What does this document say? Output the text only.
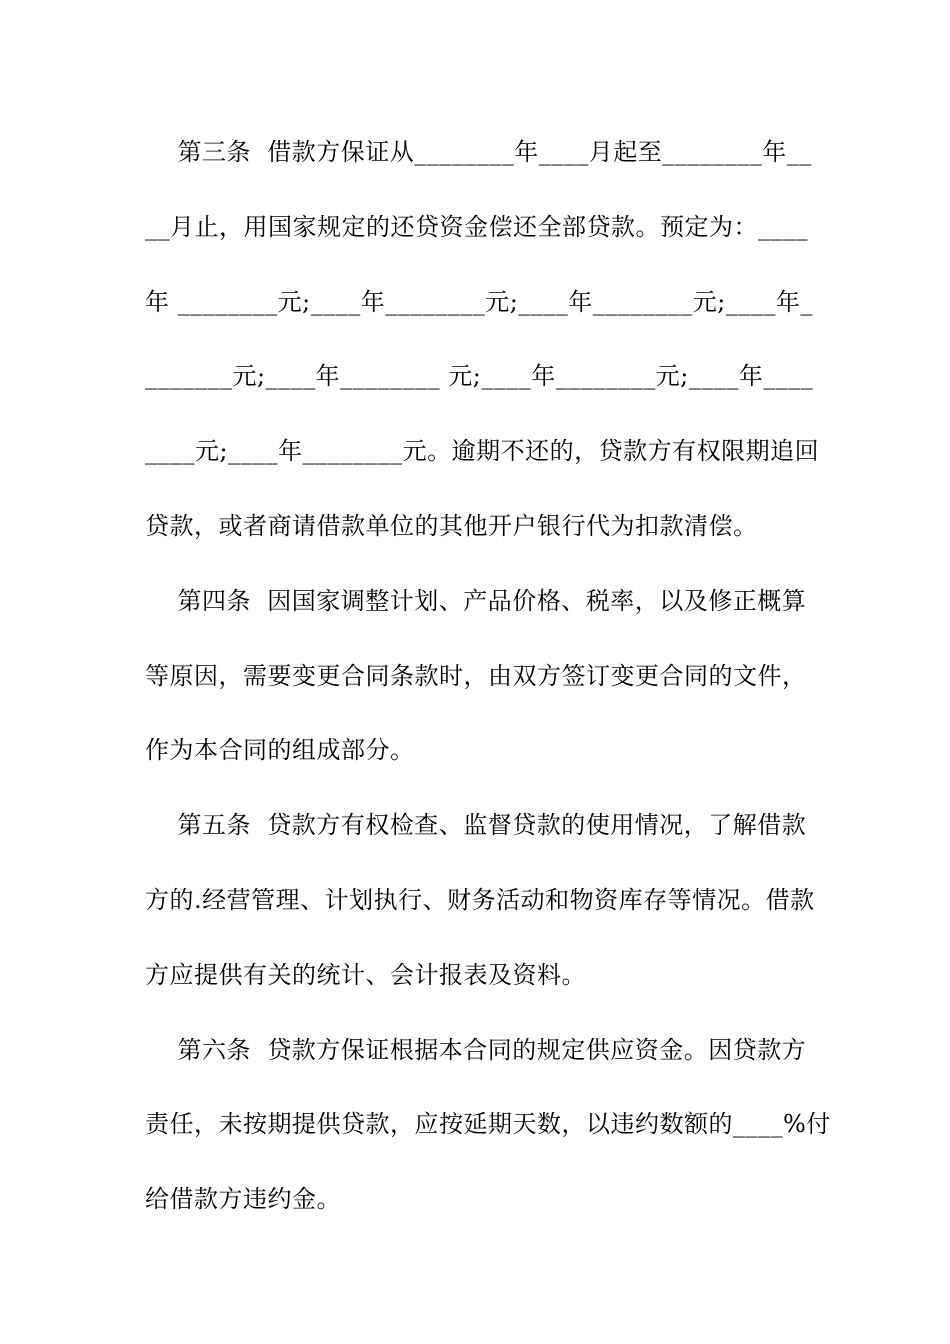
第三条  借款方保证从________年____月起至________年__
__月止，用国家规定的还贷资金偿还全部贷款。预定为：____
年 ________元;____年________元;____年________元;____年_
_______元;____年________ 元;____年________元;____年____
____元;____年________元。逾期不还的，贷款方有权限期追回
贷款，或者商请借款单位的其他开户银行代为扣款清偿。
第四条  因国家调整计划、产品价格、税率，以及修正概算
等原因，需要变更合同条款时，由双方签订变更合同的文件，
作为本合同的组成部分。
第五条  贷款方有权检查、监督贷款的使用情况，了解借款
方的.经营管理、计划执行、财务活动和物资库存等情况。借款
方应提供有关的统计、会计报表及资料。
第六条  贷款方保证根据本合同的规定供应资金。因贷款方
责任，未按期提供贷款，应按延期天数，以违约数额的____%付
给借款方违约金。
